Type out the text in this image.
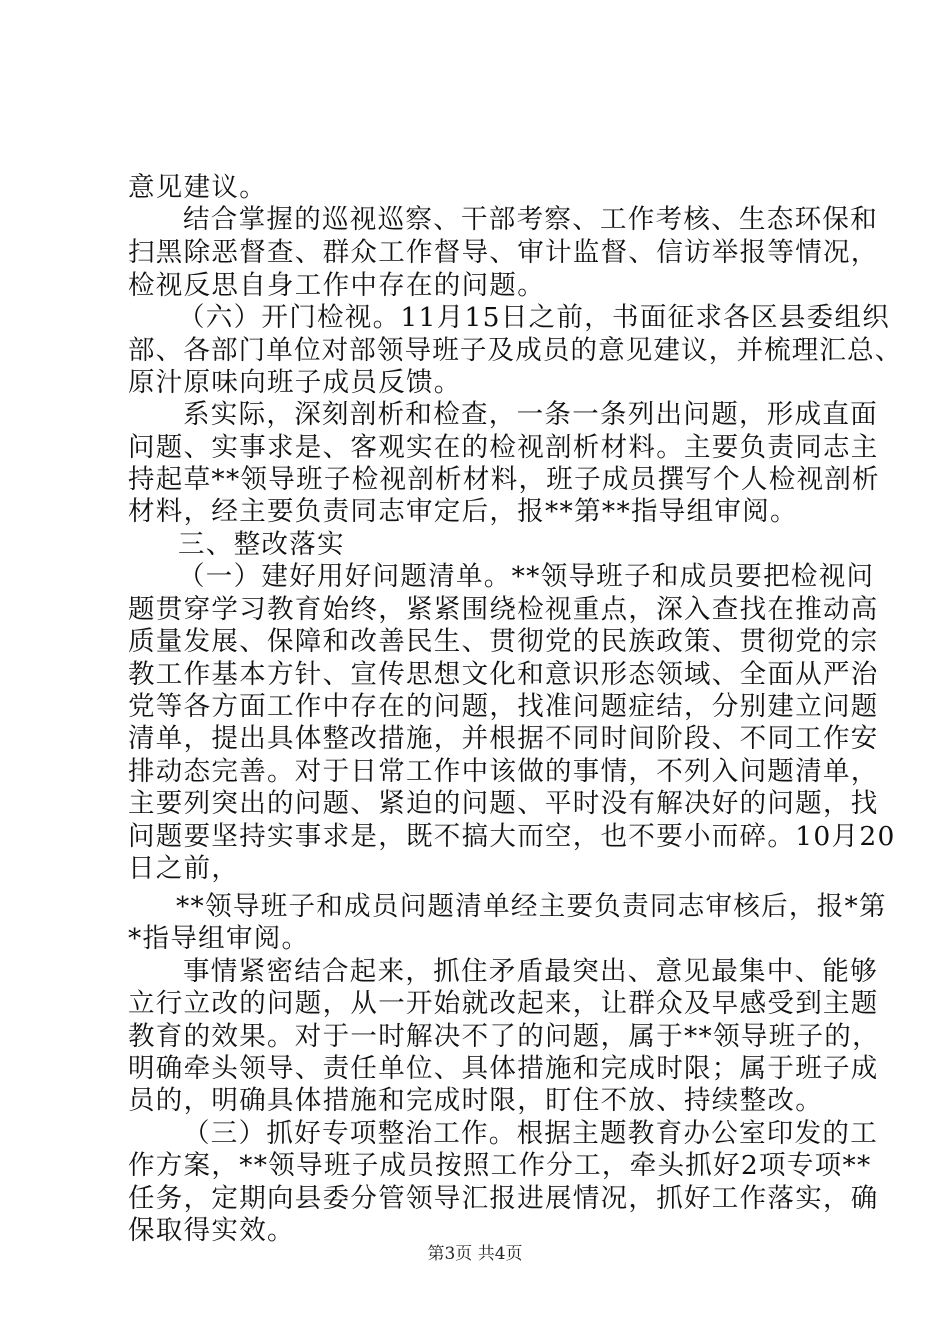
意见建议。
结合掌握的巡视巡察、干部考察、工作考核、生态环保和
扫黑除恶督查、群众工作督导、审计监督、信访举报等情况，
检视反思自身工作中存在的问题。
（六）开门检视。11月15日之前，书面征求各区县委组织
部、各部门单位对部领导班子及成员的意见建议，并梳理汇总、
原汁原味向班子成员反馈。
系实际，深刻剖析和检查，一条一条列出问题，形成直面
问题、实事求是、客观实在的检视剖析材料。主要负责同志主
持起草**领导班子检视剖析材料，班子成员撰写个人检视剖析
材料，经主要负责同志审定后，报**第**指导组审阅。
三、整改落实
（一）建好用好问题清单。**领导班子和成员要把检视问
题贯穿学习教育始终，紧紧围绕检视重点，深入查找在推动高
质量发展、保障和改善民生、贯彻党的民族政策、贯彻党的宗
教工作基本方针、宣传思想文化和意识形态领域、全面从严治
党等各方面工作中存在的问题，找准问题症结，分别建立问题
清单，提出具体整改措施，并根据不同时间阶段、不同工作安
排动态完善。对于日常工作中该做的事情，不列入问题清单，
主要列突出的问题、紧迫的问题、平时没有解决好的问题，找
问题要坚持实事求是，既不搞大而空，也不要小而碎。10月20
日之前，
**领导班子和成员问题清单经主要负责同志审核后，报*第
*指导组审阅。
事情紧密结合起来，抓住矛盾最突出、意见最集中、能够
立行立改的问题，从一开始就改起来，让群众及早感受到主题
教育的效果。对于一时解决不了的问题，属于**领导班子的，
明确牵头领导、责任单位、具体措施和完成时限；属于班子成
员的，明确具体措施和完成时限，盯住不放、持续整改。
（三）抓好专项整治工作。根据主题教育办公室印发的工
作方案，**领导班子成员按照工作分工，牵头抓好2项专项**
任务，定期向县委分管领导汇报进展情况，抓好工作落实，确
保取得实效。
第3页 共4页
